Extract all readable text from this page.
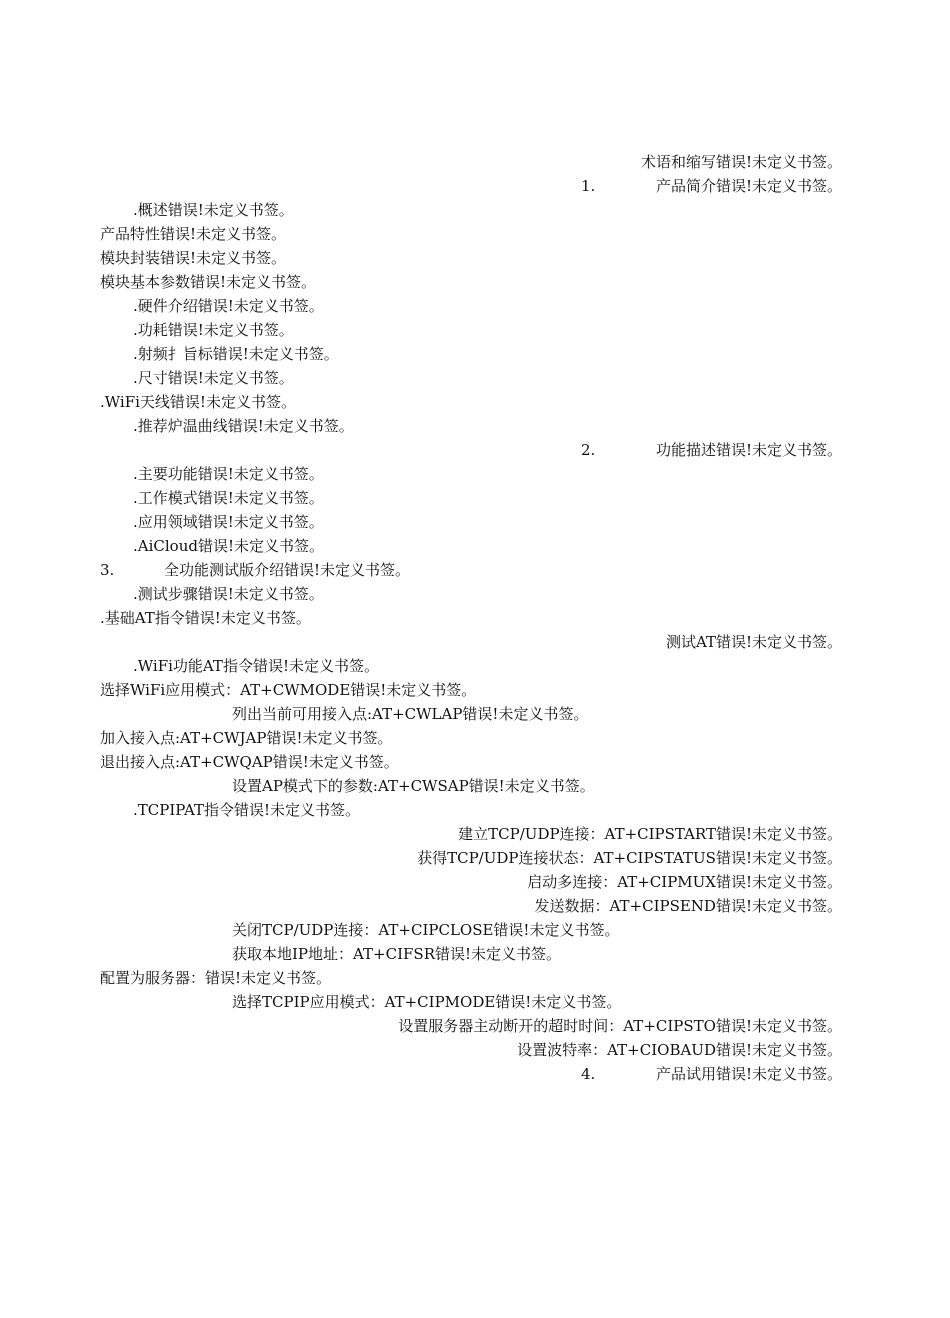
术语和缩写错误!未定义书签。
1.	产品简介错误!未定义书签。
.概述错误!未定义书签。
产品特性错误!未定义书签。
模块封装错误!未定义书签。
模块基本参数错误!未定义书签。
.硬件介绍错误!未定义书签。
.功耗错误!未定义书签。
.射频扌旨标错误!未定义书签。
.尺寸错误!未定义书签。
.WiFi天线错误!未定义书签。
.推荐炉温曲线错误!未定义书签。
2.	功能描述错误!未定义书签。
.主要功能错误!未定义书签。
.工作模式错误!未定义书签。
.应用领域错误!未定义书签。
.AiCloud错误!未定义书签。
3.	全功能测试版介绍错误!未定义书签。
.测试步骤错误!未定义书签。
.基础AT指令错误!未定义书签。
测试AT错误!未定义书签。
.WiFi功能AT指令错误!未定义书签。
选择WiFi应用模式：AT+CWMODE错误!未定义书签。
列出当前可用接入点:AT+CWLAP错误!未定义书签。
加入接入点:AT+CWJAP错误!未定义书签。
退出接入点:AT+CWQAP错误!未定义书签。
设置AP模式下的参数:AT+CWSAP错误!未定义书签。
.TCPIPAT指令错误!未定义书签。
建立TCP/UDP连接：AT+CIPSTART错误!未定义书签。
获得TCP/UDP连接状态：AT+CIPSTATUS错误!未定义书签。
启动多连接：AT+CIPMUX错误!未定义书签。
发送数据：AT+CIPSEND错误!未定义书签。
关闭TCP/UDP连接：AT+CIPCLOSE错误!未定义书签。
获取本地IP地址：AT+CIFSR错误!未定义书签。
配置为服务器：错误!未定义书签。
选择TCPIP应用模式：AT+CIPMODE错误!未定义书签。
设置服务器主动断开的超时时间：AT+CIPSTO错误!未定义书签。
设置波特率：AT+CIOBAUD错误!未定义书签。
4.	产品试用错误!未定义书签。
